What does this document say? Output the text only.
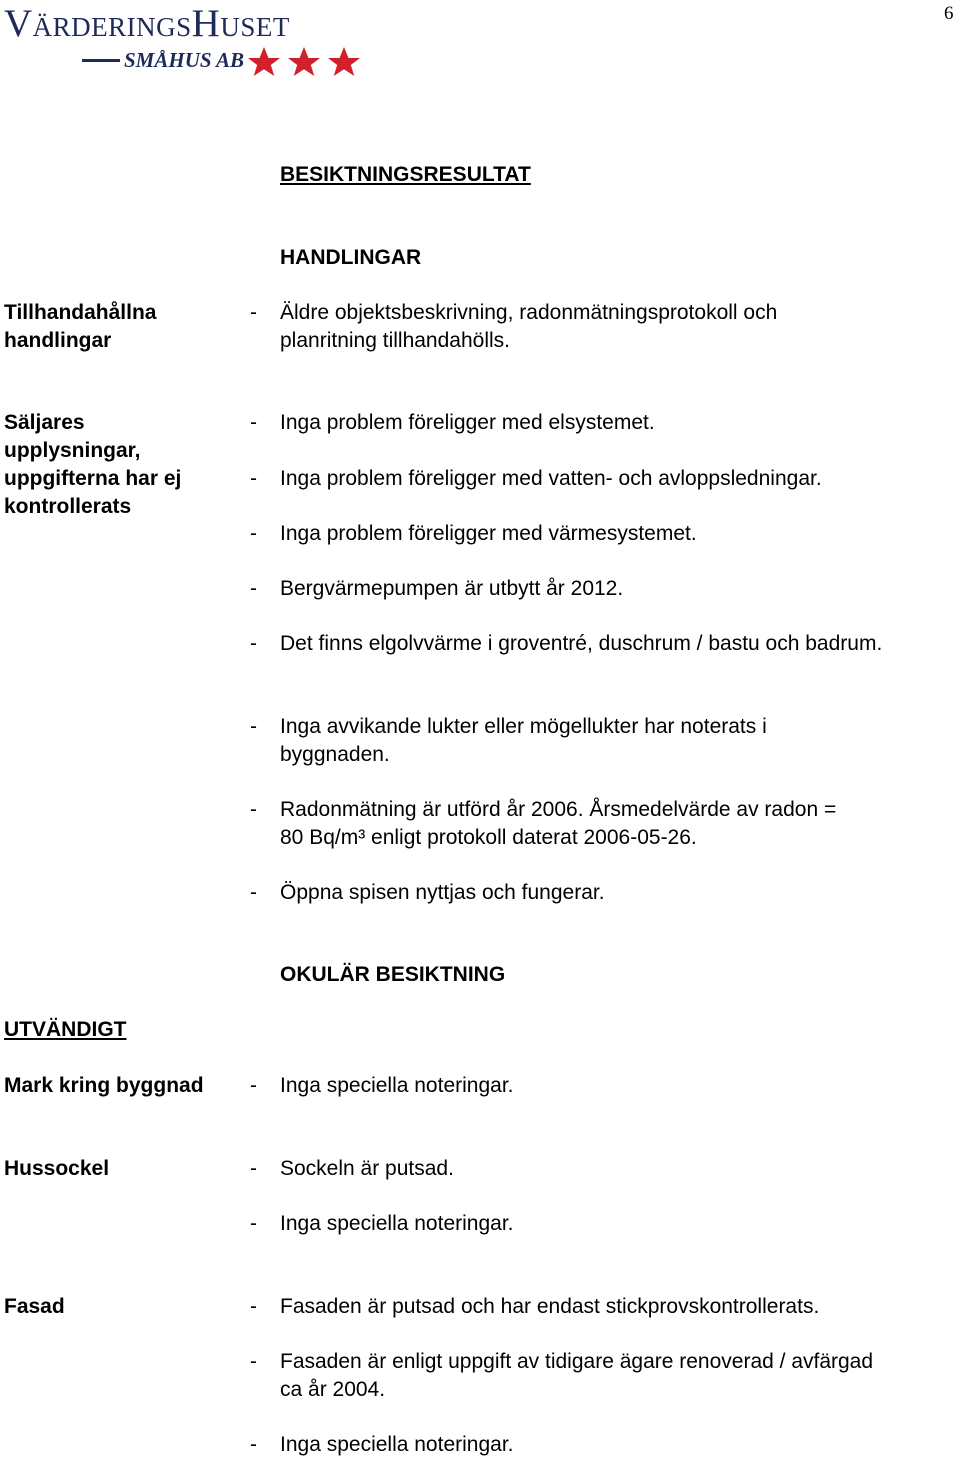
VärderingsHuset
SMÅHUS AB
6
BESIKTNINGSRESULTAT
HANDLINGAR
Tillhandahållna handlingar
- Äldre objektsbeskrivning, radonmätningsprotokoll och planritning tillhandahölls.
Säljares upplysningar, uppgifterna har ej kontrollerats
- Inga problem föreligger med elsystemet.
- Inga problem föreligger med vatten- och avloppsledningar.
- Inga problem föreligger med värmesystemet.
- Bergvärmepumpen är utbytt år 2012.
- Det finns elgolvvärme i groventré, duschrum / bastu och badrum.
- Inga avvikande lukter eller mögellukter har noterats i byggnaden.
- Radonmätning är utförd år 2006. Årsmedelvärde av radon = 80 Bq/m³ enligt protokoll daterat 2006-05-26.
- Öppna spisen nyttjas och fungerar.
OKULÄR BESIKTNING
UTVÄNDIGT
Mark kring byggnad - Inga speciella noteringar.
Hussockel	- Sockeln är putsad.
- Inga speciella noteringar.
Fasad	- Fasaden är putsad och har endast stickprovskontrollerats.
- Fasaden är enligt uppgift av tidigare ägare renoverad / avfärgad ca år 2004.
- Inga speciella noteringar.
